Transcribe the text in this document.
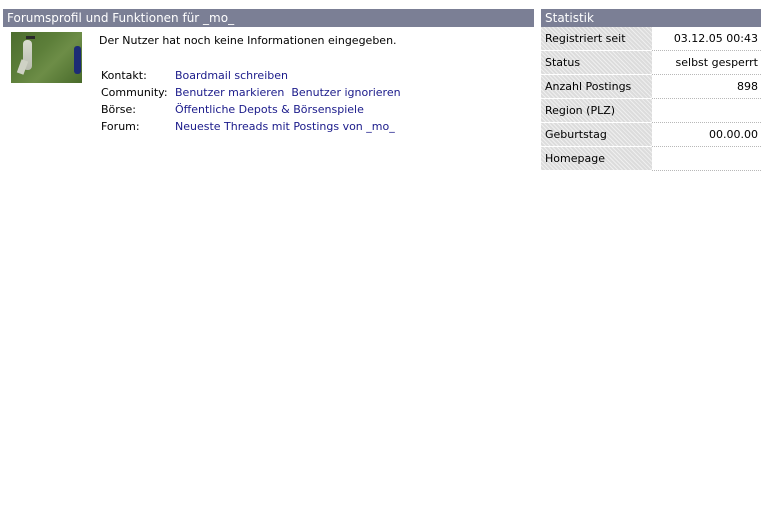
Forumsprofil und Funktionen für _mo_
Der Nutzer hat noch keine Informationen eingegeben.
Kontakt:	Boardmail schreiben
Community: Benutzer markieren Benutzer ignorieren
Börse:	Öffentliche Depots & Börsenspiele
Forum:	Neueste Threads mit Postings von _mo_
Statistik
Registriert seit	03.12.05 00:43
Status	selbst gesperrt
Anzahl Postings	898
Region (PLZ)
Geburtstag	00.00.00
Homepage
